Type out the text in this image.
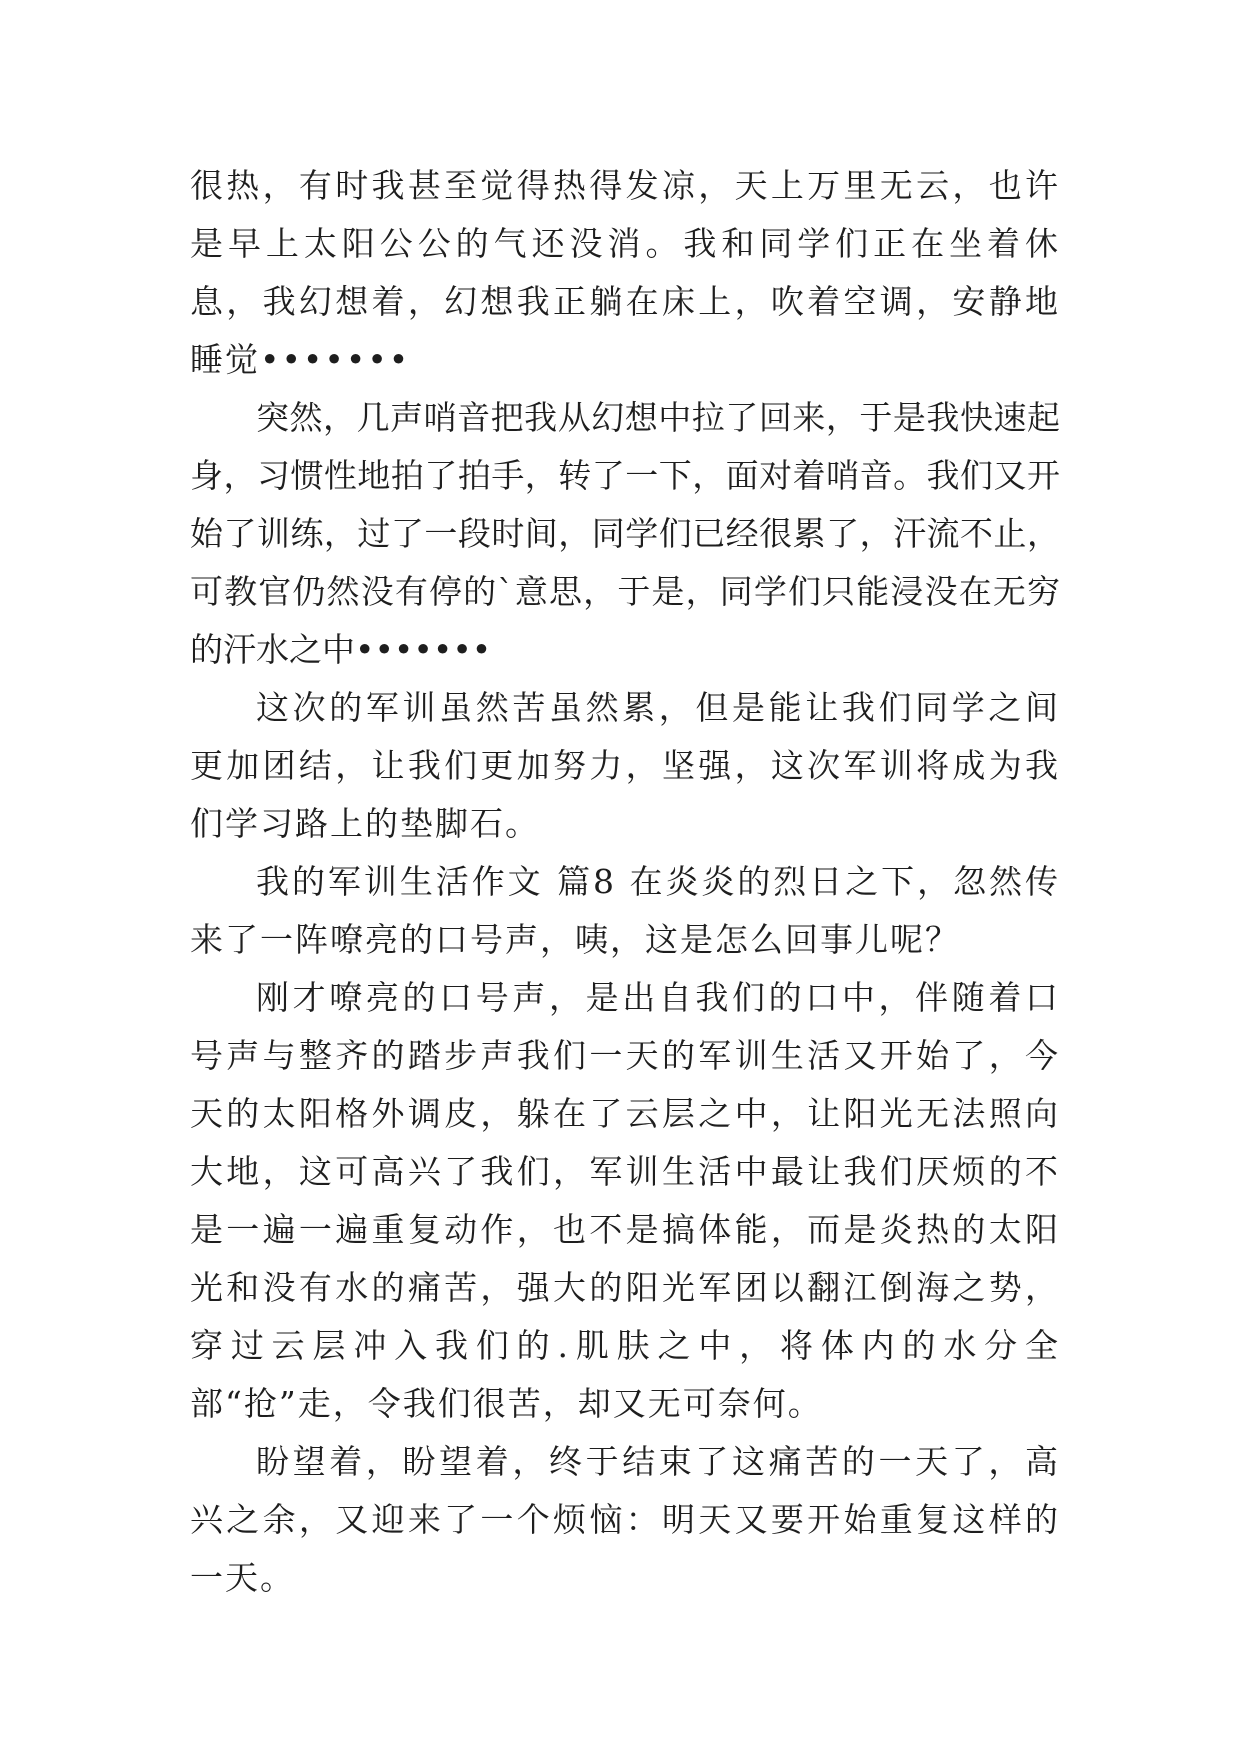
很热，有时我甚至觉得热得发凉，天上万里无云，也许是早上太阳公公的气还没消。我和同学们正在坐着休息，我幻想着，幻想我正躺在床上，吹着空调，安静地睡觉•••••••

突然，几声哨音把我从幻想中拉了回来，于是我快速起身，习惯性地拍了拍手，转了一下，面对着哨音。我们又开始了训练，过了一段时间，同学们已经很累了，汗流不止，可教官仍然没有停的`意思，于是，同学们只能浸没在无穷的汗水之中•••••••

这次的军训虽然苦虽然累，但是能让我们同学之间更加团结，让我们更加努力，坚强，这次军训将成为我们学习路上的垫脚石。

我的军训生活作文 篇8 在炎炎的烈日之下，忽然传来了一阵嘹亮的口号声，咦，这是怎么回事儿呢？

刚才嘹亮的口号声，是出自我们的口中，伴随着口号声与整齐的踏步声我们一天的军训生活又开始了，今天的太阳格外调皮，躲在了云层之中，让阳光无法照向大地，这可高兴了我们，军训生活中最让我们厌烦的不是一遍一遍重复动作，也不是搞体能，而是炎热的太阳光和没有水的痛苦，强大的阳光军团以翻江倒海之势，穿过云层冲入我们的.肌肤之中，将体内的水分全部“抢”走，令我们很苦，却又无可奈何。

盼望着，盼望着，终于结束了这痛苦的一天了，高兴之余，又迎来了一个烦恼：明天又要开始重复这样的一天。
